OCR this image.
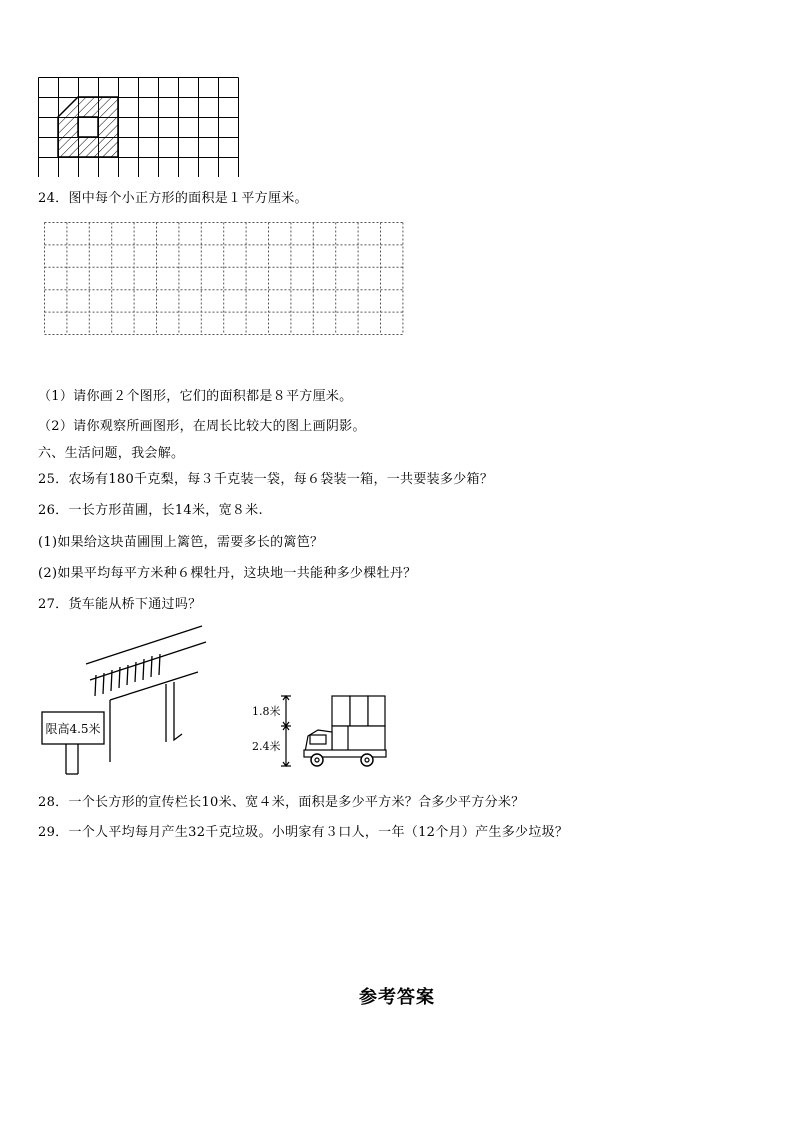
24．图中每个小正方形的面积是１平方厘米。
（1）请你画２个图形，它们的面积都是８平方厘米。
（2）请你观察所画图形，在周长比较大的图上画阴影。
六、生活问题，我会解。
25．农场有180千克梨，每３千克装一袋，每６袋装一箱，一共要装多少箱？
26．一长方形苗圃，长14米，宽８米.
(1)如果给这块苗圃围上篱笆，需要多长的篱笆？
(2)如果平均每平方米种６棵牡丹，这块地一共能种多少棵牡丹？
27．货车能从桥下通过吗？
限高4.5米
1.8米
2.4米
28．一个长方形的宣传栏长10米、宽４米，面积是多少平方米？合多少平方分米？
29．一个人平均每月产生32千克垃圾。小明家有３口人，一年（12个月）产生多少垃圾？
参考答案
